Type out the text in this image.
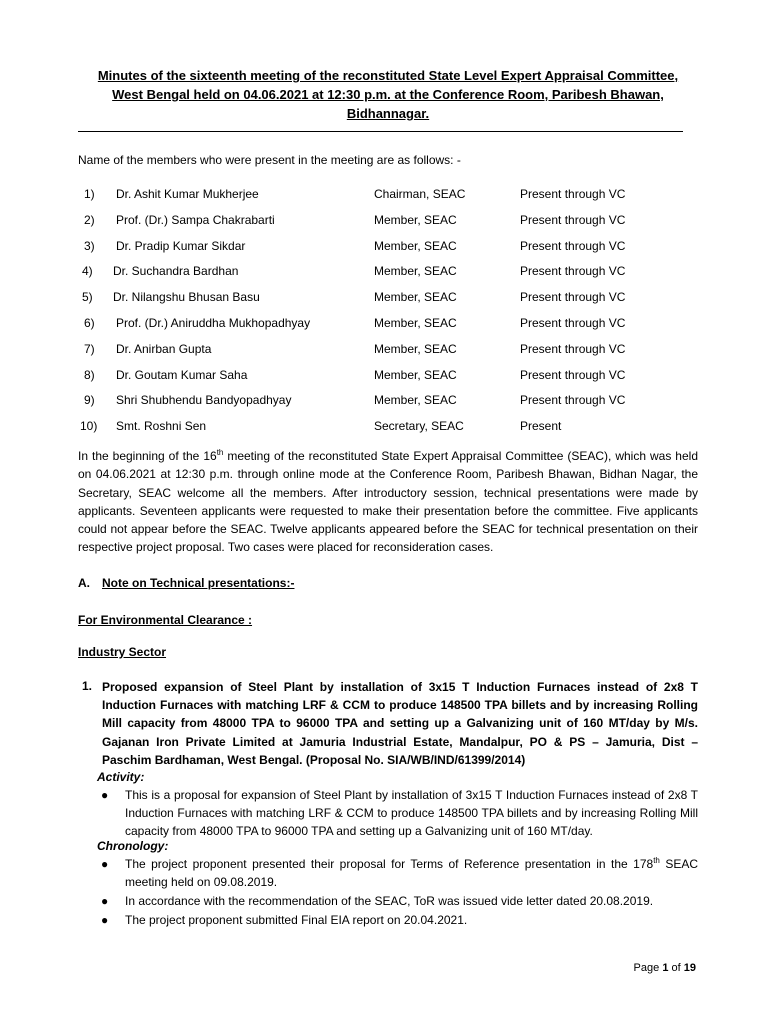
Minutes of the sixteenth meeting of the reconstituted State Level Expert Appraisal Committee,
West Bengal held on 04.06.2021 at 12:30 p.m. at the Conference Room, Paribesh Bhawan,
Bidhannagar.
Name of the members who were present in the meeting are as follows: -
1) Dr. Ashit Kumar Mukherjee	Chairman, SEAC	Present through VC
2) Prof. (Dr.) Sampa Chakrabarti	Member, SEAC	Present through VC
3) Dr. Pradip Kumar Sikdar	Member, SEAC	Present through VC
4) Dr. Suchandra Bardhan	Member, SEAC	Present through VC
5) Dr. Nilangshu Bhusan Basu	Member, SEAC	Present through VC
6) Prof. (Dr.) Aniruddha Mukhopadhyay	Member, SEAC	Present through VC
7) Dr. Anirban Gupta	Member, SEAC	Present through VC
8) Dr. Goutam Kumar Saha	Member, SEAC	Present through VC
9) Shri Shubhendu Bandyopadhyay	Member, SEAC	Present through VC
10) Smt. Roshni Sen	Secretary, SEAC	Present
In the beginning of the 16th meeting of the reconstituted State Expert Appraisal Committee (SEAC), which was held on 04.06.2021 at 12:30 p.m. through online mode at the Conference Room, Paribesh Bhawan, Bidhan Nagar, the Secretary, SEAC welcome all the members. After introductory session, technical presentations were made by applicants. Seventeen applicants were requested to make their presentation before the committee. Five applicants could not appear before the SEAC. Twelve applicants appeared before the SEAC for technical presentation on their respective project proposal. Two cases were placed for reconsideration cases.
A. Note on Technical presentations:-
For Environmental Clearance :
Industry Sector
1. Proposed expansion of Steel Plant by installation of 3x15 T Induction Furnaces instead of 2x8 T Induction Furnaces with matching LRF & CCM to produce 148500 TPA billets and by increasing Rolling Mill capacity from 48000 TPA to 96000 TPA and setting up a Galvanizing unit of 160 MT/day by M/s. Gajanan Iron Private Limited at Jamuria Industrial Estate, Mandalpur, PO & PS – Jamuria, Dist – Paschim Bardhaman, West Bengal. (Proposal No. SIA/WB/IND/61399/2014)
Activity:
● This is a proposal for expansion of Steel Plant by installation of 3x15 T Induction Furnaces instead of 2x8 T Induction Furnaces with matching LRF & CCM to produce 148500 TPA billets and by increasing Rolling Mill capacity from 48000 TPA to 96000 TPA and setting up a Galvanizing unit of 160 MT/day.
Chronology:
● The project proponent presented their proposal for Terms of Reference presentation in the 178th SEAC meeting held on 09.08.2019.
● In accordance with the recommendation of the SEAC, ToR was issued vide letter dated 20.08.2019.
● The project proponent submitted Final EIA report on 20.04.2021.
Page 1 of 19
